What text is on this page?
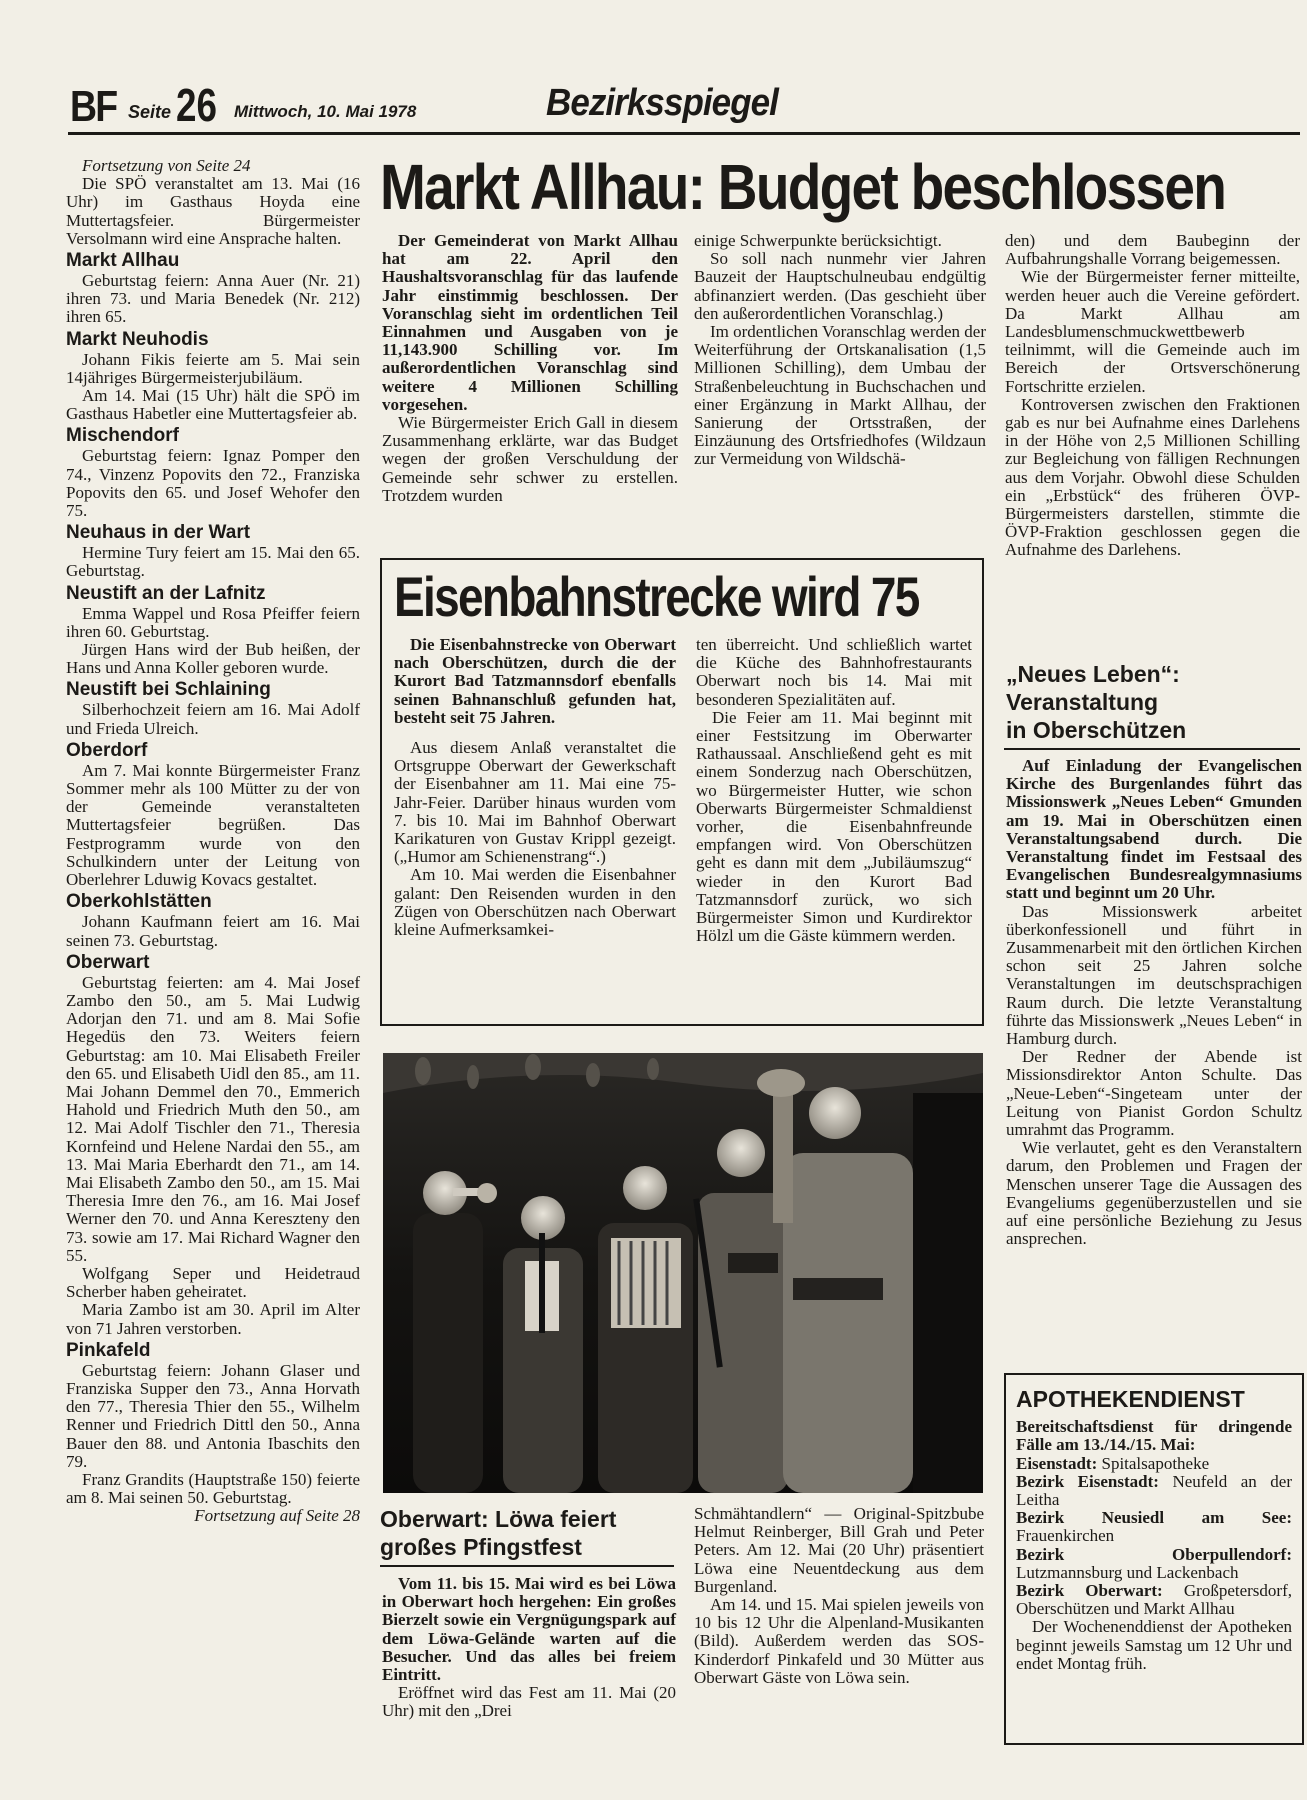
BF Seite 26 Mittwoch, 10. Mai 1978	Bezirksspiegel

Fortsetzung von Seite 24

Die SPÖ veranstaltet am 13. Mai (16 Uhr) im Gasthaus Hoyda eine Muttertagsfeier. Bürgermeister Versolmann wird eine Ansprache halten.

Markt Allhau

Geburtstag feiern: Anna Auer (Nr. 21) ihren 73. und Maria Benedek (Nr. 212) ihren 65.

Markt Neuhodis

Johann Fikis feierte am 5. Mai sein 14jähriges Bürgermeisterjubiläum.

Am 14. Mai (15 Uhr) hält die SPÖ im Gasthaus Habetler eine Muttertagsfeier ab.

Mischendorf

Geburtstag feiern: Ignaz Pomper den 74., Vinzenz Popovits den 72., Franziska Popovits den 65. und Josef Wehofer den 75.

Neuhaus in der Wart

Hermine Tury feiert am 15. Mai den 65. Geburtstag.

Neustift an der Lafnitz

Emma Wappel und Rosa Pfeiffer feiern ihren 60. Geburtstag.

Jürgen Hans wird der Bub heißen, der Hans und Anna Koller geboren wurde.

Neustift bei Schlaining

Silberhochzeit feiern am 16. Mai Adolf und Frieda Ulreich.

Oberdorf

Am 7. Mai konnte Bürgermeister Franz Sommer mehr als 100 Mütter zu der von der Gemeinde veranstalteten Muttertagsfeier begrüßen. Das Festprogramm wurde von den Schulkindern unter der Leitung von Oberlehrer Lduwig Kovacs gestaltet.

Oberkohlstätten

Johann Kaufmann feiert am 16. Mai seinen 73. Geburtstag.

Oberwart

Geburtstag feierten: am 4. Mai Josef Zambo den 50., am 5. Mai Ludwig Adorjan den 71. und am 8. Mai Sofie Hegedüs den 73. Weiters feiern Geburtstag: am 10. Mai Elisabeth Freiler den 65. und Elisabeth Uidl den 85., am 11. Mai Johann Demmel den 70., Emmerich Hahold und Friedrich Muth den 50., am 12. Mai Adolf Tischler den 71., Theresia Kornfeind und Helene Nardai den 55., am 13. Mai Maria Eberhardt den 71., am 14. Mai Elisabeth Zambo den 50., am 15. Mai Theresia Imre den 76., am 16. Mai Josef Werner den 70. und Anna Kereszteny den 73. sowie am 17. Mai Richard Wagner den 55.

Wolfgang Seper und Heidetraud Scherber haben geheiratet.

Maria Zambo ist am 30. April im Alter von 71 Jahren verstorben.

Pinkafeld

Geburtstag feiern: Johann Glaser und Franziska Supper den 73., Anna Horvath den 77., Theresia Thier den 55., Wilhelm Renner und Friedrich Dittl den 50., Anna Bauer den 88. und Antonia Ibaschits den 79.

Franz Grandits (Hauptstraße 150) feierte am 8. Mai seinen 50. Geburtstag.

Fortsetzung auf Seite 28

Markt Allhau: Budget beschlossen

Der Gemeinderat von Markt Allhau hat am 22. April den Haushaltsvoranschlag für das laufende Jahr einstimmig beschlossen. Der Voranschlag sieht im ordentlichen Teil Einnahmen und Ausgaben von je 11,143.900 Schilling vor. Im außerordentlichen Voranschlag sind weitere 4 Millionen Schilling vorgesehen.

Wie Bürgermeister Erich Gall in diesem Zusammenhang erklärte, war das Budget wegen der großen Verschuldung der Gemeinde sehr schwer zu erstellen. Trotzdem wurden

einige Schwerpunkte berücksichtigt.

So soll nach nunmehr vier Jahren Bauzeit der Hauptschulneubau endgültig abfinanziert werden. (Das geschieht über den außerordentlichen Voranschlag.)

Im ordentlichen Voranschlag werden der Weiterführung der Ortskanalisation (1,5 Millionen Schilling), dem Umbau der Straßenbeleuchtung in Buchschachen und einer Ergänzung in Markt Allhau, der Sanierung der Ortsstraßen, der Einzäunung des Ortsfriedhofes (Wildzaun zur Vermeidung von Wildschä-

den) und dem Baubeginn der Aufbahrungshalle Vorrang beigemessen.

Wie der Bürgermeister ferner mitteilte, werden heuer auch die Vereine gefördert. Da Markt Allhau am Landesblumenschmuckwettbewerb teilnimmt, will die Gemeinde auch im Bereich der Ortsverschönerung Fortschritte erzielen.

Kontroversen zwischen den Fraktionen gab es nur bei Aufnahme eines Darlehens in der Höhe von 2,5 Millionen Schilling zur Begleichung von fälligen Rechnungen aus dem Vorjahr. Obwohl diese Schulden ein „Erbstück“ des früheren ÖVP-Bürgermeisters darstellen, stimmte die ÖVP-Fraktion geschlossen gegen die Aufnahme des Darlehens.

Eisenbahnstrecke wird 75

Die Eisenbahnstrecke von Oberwart nach Oberschützen, durch die der Kurort Bad Tatzmannsdorf ebenfalls seinen Bahnanschluß gefunden hat, besteht seit 75 Jahren.

Aus diesem Anlaß veranstaltet die Ortsgruppe Oberwart der Gewerkschaft der Eisenbahner am 11. Mai eine 75-Jahr-Feier. Darüber hinaus wurden vom 7. bis 10. Mai im Bahnhof Oberwart Karikaturen von Gustav Krippl gezeigt. („Humor am Schienenstrang“.)

Am 10. Mai werden die Eisenbahner galant: Den Reisenden wurden in den Zügen von Oberschützen nach Oberwart kleine Aufmerksamkei-

ten überreicht. Und schließlich wartet die Küche des Bahnhofrestaurants Oberwart noch bis 14. Mai mit besonderen Spezialitäten auf.

Die Feier am 11. Mai beginnt mit einer Festsitzung im Oberwarter Rathaussaal. Anschließend geht es mit einem Sonderzug nach Oberschützen, wo Bürgermeister Hutter, wie schon Oberwarts Bürgermeister Schmaldienst vorher, die Eisenbahnfreunde empfangen wird. Von Oberschützen geht es dann mit dem „Jubiläumszug“ wieder in den Kurort Bad Tatzmannsdorf zurück, wo sich Bürgermeister Simon und Kurdirektor Hölzl um die Gäste kümmern werden.

„Neues Leben“:

Veranstaltung

in Oberschützen

Auf Einladung der Evangelischen Kirche des Burgenlandes führt das Missionswerk „Neues Leben“ Gmunden am 19. Mai in Oberschützen einen Veranstaltungsabend durch. Die Veranstaltung findet im Festsaal des Evangelischen Bundesrealgymnasiums statt und beginnt um 20 Uhr.

Das Missionswerk arbeitet überkonfessionell und führt in Zusammenarbeit mit den örtlichen Kirchen schon seit 25 Jahren solche Veranstaltungen im deutschsprachigen Raum durch. Die letzte Veranstaltung führte das Missionswerk „Neues Leben“ in Hamburg durch.

Der Redner der Abende ist Missionsdirektor Anton Schulte. Das „Neue-Leben“-Singeteam unter der Leitung von Pianist Gordon Schultz umrahmt das Programm.

Wie verlautet, geht es den Veranstaltern darum, den Problemen und Fragen der Menschen unserer Tage die Aussagen des Evangeliums gegenüberzustellen und sie auf eine persönliche Beziehung zu Jesus ansprechen.

Oberwart: Löwa feiert

großes Pfingstfest

Vom 11. bis 15. Mai wird es bei Löwa in Oberwart hoch hergehen: Ein großes Bierzelt sowie ein Vergnügungspark auf dem Löwa-Gelände warten auf die Besucher. Und das alles bei freiem Eintritt.

Eröffnet wird das Fest am 11. Mai (20 Uhr) mit den „Drei

Schmähtandlern“ — Original-Spitzbube Helmut Reinberger, Bill Grah und Peter Peters. Am 12. Mai (20 Uhr) präsentiert Löwa eine Neuentdeckung aus dem Burgenland.

Am 14. und 15. Mai spielen jeweils von 10 bis 12 Uhr die Alpenland-Musikanten (Bild). Außerdem werden das SOS-Kinderdorf Pinkafeld und 30 Mütter aus Oberwart Gäste von Löwa sein.

APOTHEKENDIENST

Bereitschaftsdienst für dringende Fälle am 13./14./15. Mai:

Eisenstadt: Spitalsapotheke

Bezirk Eisenstadt: Neufeld an der Leitha

Bezirk Neusiedl am See: Frauenkirchen

Bezirk Oberpullendorf: Lutzmannsburg und Lackenbach

Bezirk Oberwart: Großpetersdorf, Oberschützen und Markt Allhau

Der Wochenenddienst der Apotheken beginnt jeweils Samstag um 12 Uhr und endet Montag früh.
